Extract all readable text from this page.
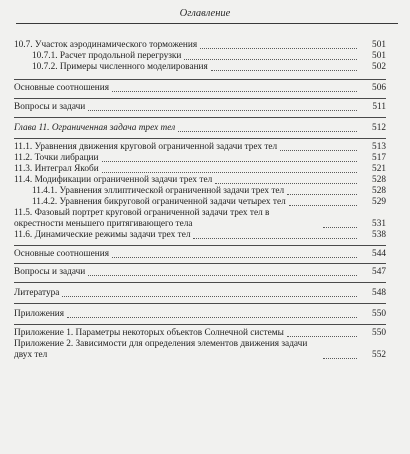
Оглавление
10.7. Участок аэродинамического торможения	501
10.7.1. Расчет продольной перегрузки	501
10.7.2. Примеры численного моделирования	502
Основные соотношения	506
Вопросы и задачи	511
Глава 11. Ограниченная задача трех тел	512
11.1. Уравнения движения круговой ограниченной задачи трех тел	513
11.2. Точки либрации	517
11.3. Интеграл Якоби	521
11.4. Модификации ограниченной задачи трех тел	528
11.4.1. Уравнения эллиптической ограниченной задачи трех тел	528
11.4.2. Уравнения бикруговой ограниченной задачи четырех тел	529
11.5. Фазовый портрет круговой ограниченной задачи трех тел в окрестности меньшего притягивающего тела	531
11.6. Динамические режимы задачи трех тел	538
Основные соотношения	544
Вопросы и задачи	547
Литература	548
Приложения	550
Приложение 1. Параметры некоторых объектов Солнечной системы	550
Приложение 2. Зависимости для определения элементов движения задачи двух тел	552
